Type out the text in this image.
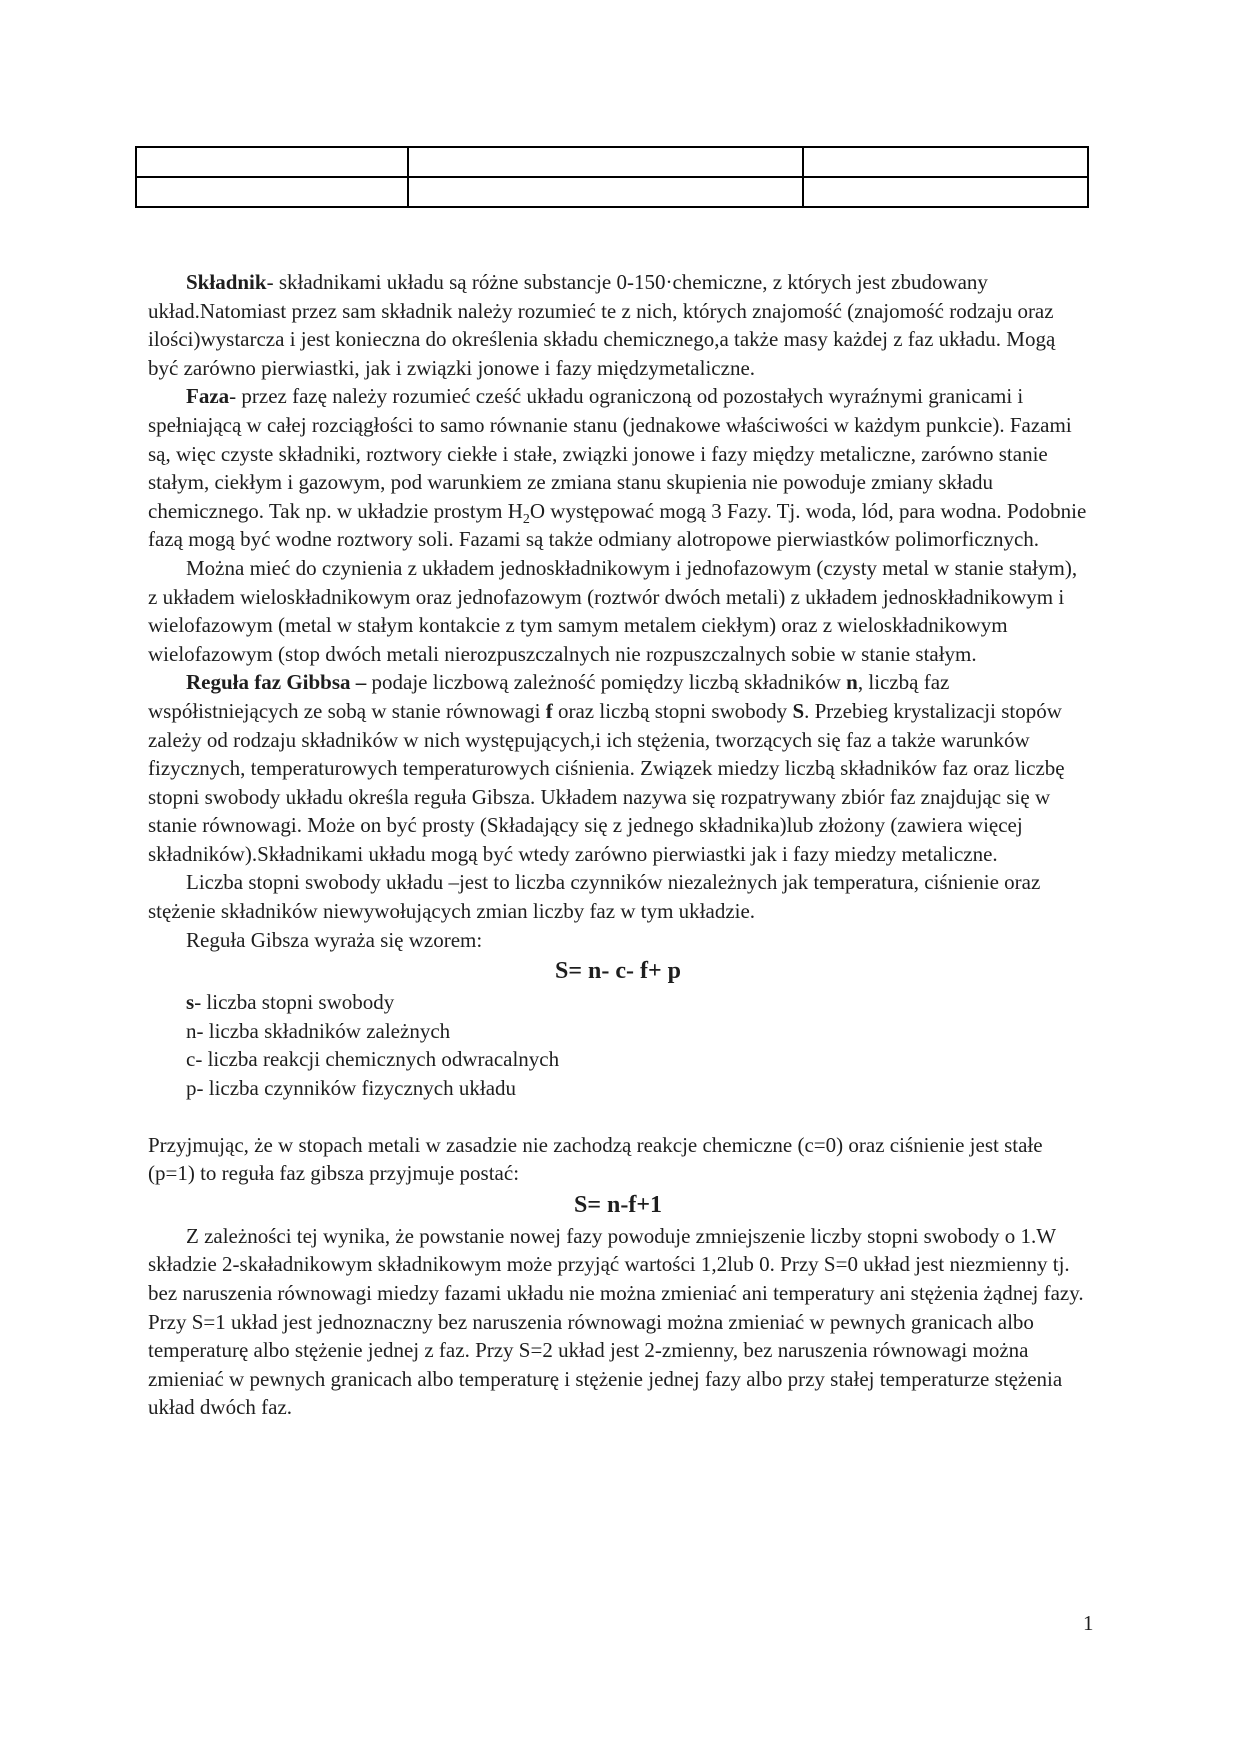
Składnik- składnikami układu są różne substancje 0-150·chemiczne, z których jest zbudowany układ.Natomiast przez sam składnik należy rozumieć te z nich, których znajomość (znajomość rodzaju oraz ilości)wystarcza i jest konieczna do określenia składu chemicznego,a także masy każdej z faz układu. Mogą być zarówno pierwiastki, jak i związki jonowe i fazy międzymetaliczne.

Faza- przez fazę należy rozumieć cześć układu ograniczoną od pozostałych wyraźnymi granicami i spełniającą w całej rozciągłości to samo równanie stanu (jednakowe właściwości w każdym punkcie). Fazami są, więc czyste składniki, roztwory ciekłe i stałe, związki jonowe i fazy między metaliczne, zarówno stanie stałym, ciekłym i gazowym, pod warunkiem ze zmiana stanu skupienia nie powoduje zmiany składu chemicznego. Tak np. w układzie prostym $H_2O$ występować mogą 3 Fazy. Tj. woda, lód, para wodna. Podobnie fazą mogą być wodne roztwory soli. Fazami są także odmiany alotropowe pierwiastków polimorficznych.

Można mieć do czynienia z układem jednoskładnikowym i jednofazowym (czysty metal w stanie stałym), z układem wieloskładnikowym oraz jednofazowym (roztwór dwóch metali) z układem jednoskładnikowym i wielofazowym (metal w stałym kontakcie z tym samym metalem ciekłym) oraz z wieloskładnikowym wielofazowym (stop dwóch metali nierozpuszczalnych nie rozpuszczalnych sobie w stanie stałym.

Reguła faz Gibbsa – podaje liczbową zależność pomiędzy liczbą składników n, liczbą faz współistniejących ze sobą w stanie równowagi f oraz liczbą stopni swobody S. Przebieg krystalizacji stopów zależy od rodzaju składników w nich występujących,i ich stężenia, tworzących się faz a także warunków fizycznych, temperaturowych temperaturowych ciśnienia. Związek miedzy liczbą składników faz oraz liczbę stopni swobody układu określa reguła Gibsza. Układem nazywa się rozpatrywany zbiór faz znajdując się w stanie równowagi. Może on być prosty (Składający się z jednego składnika)lub złożony (zawiera więcej składników).Składnikami układu mogą być wtedy zarówno pierwiastki jak i fazy miedzy metaliczne.

Liczba stopni swobody układu –jest to liczba czynników niezależnych jak temperatura, ciśnienie oraz stężenie składników niewywołujących zmian liczby faz w tym układzie.

Reguła Gibsza wyraża się wzorem:

S= n- c- f+ p

s- liczba stopni swobody

n- liczba składników zależnych

c- liczba reakcji chemicznych odwracalnych

p- liczba czynników fizycznych układu

Przyjmując, że w stopach metali w zasadzie nie zachodzą reakcje chemiczne (c=0) oraz ciśnienie jest stałe (p=1) to reguła faz gibsza przyjmuje postać:

S= n-f+1

Z zależności tej wynika, że powstanie nowej fazy powoduje zmniejszenie liczby stopni swobody o 1.W składzie 2-skaładnikowym składnikowym może przyjąć wartości 1,2lub 0. Przy S=0 układ jest niezmienny tj. bez naruszenia równowagi miedzy fazami układu nie można zmieniać ani temperatury ani stężenia żądnej fazy. Przy S=1 układ jest jednoznaczny bez naruszenia równowagi można zmieniać w pewnych granicach albo temperaturę albo stężenie jednej z faz. Przy S=2 układ jest 2-zmienny, bez naruszenia równowagi można zmieniać w pewnych granicach albo temperaturę i stężenie jednej fazy albo przy stałej temperaturze stężenia układ dwóch faz.

1
